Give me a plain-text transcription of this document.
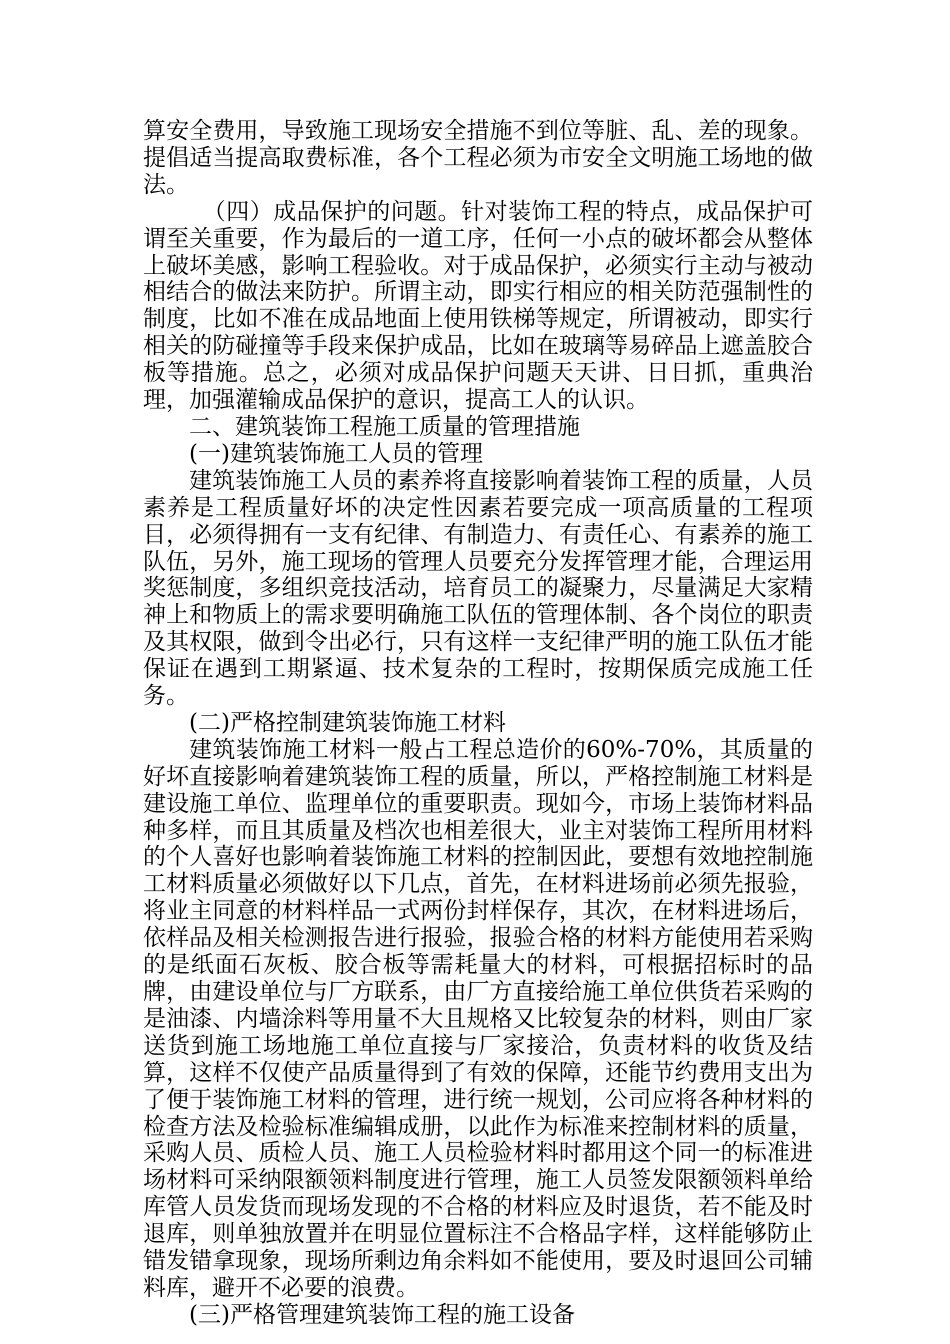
算安全费用，导致施工现场安全措施不到位等脏、乱、差的现象。提倡适当提高取费标准，各个工程必须为市安全文明施工场地的做法。

（四）成品保护的问题。针对装饰工程的特点，成品保护可谓至关重要，作为最后的一道工序，任何一小点的破坏都会从整体上破坏美感，影响工程验收。对于成品保护，必须实行主动与被动相结合的做法来防护。所谓主动，即实行相应的相关防范强制性的制度，比如不准在成品地面上使用铁梯等规定，所谓被动，即实行相关的防碰撞等手段来保护成品，比如在玻璃等易碎品上遮盖胶合板等措施。总之，必须对成品保护问题天天讲、日日抓，重典治理，加强灌输成品保护的意识，提高工人的认识。

二、建筑装饰工程施工质量的管理措施

(一)建筑装饰施工人员的管理

建筑装饰施工人员的素养将直接影响着装饰工程的质量，人员素养是工程质量好坏的决定性因素若要完成一项高质量的工程项目，必须得拥有一支有纪律、有制造力、有责任心、有素养的施工队伍，另外，施工现场的管理人员要充分发挥管理才能，合理运用奖惩制度，多组织竞技活动，培育员工的凝聚力，尽量满足大家精神上和物质上的需求要明确施工队伍的管理体制、各个岗位的职责及其权限，做到令出必行，只有这样一支纪律严明的施工队伍才能保证在遇到工期紧逼、技术复杂的工程时，按期保质完成施工任务。

(二)严格控制建筑装饰施工材料

建筑装饰施工材料一般占工程总造价的60%-70%，其质量的好坏直接影响着建筑装饰工程的质量，所以，严格控制施工材料是建设施工单位、监理单位的重要职责。现如今，市场上装饰材料品种多样，而且其质量及档次也相差很大，业主对装饰工程所用材料的个人喜好也影响着装饰施工材料的控制因此，要想有效地控制施工材料质量必须做好以下几点，首先，在材料进场前必须先报验，将业主同意的材料样品一式两份封样保存，其次，在材料进场后，依样品及相关检测报告进行报验，报验合格的材料方能使用若采购的是纸面石灰板、胶合板等需耗量大的材料，可根据招标时的品牌，由建设单位与厂方联系，由厂方直接给施工单位供货若采购的是油漆、内墙涂料等用量不大且规格又比较复杂的材料，则由厂家送货到施工场地施工单位直接与厂家接洽，负责材料的收货及结算，这样不仅使产品质量得到了有效的保障，还能节约费用支出为了便于装饰施工材料的管理，进行统一规划，公司应将各种材料的检查方法及检验标准编辑成册，以此作为标准来控制材料的质量，采购人员、质检人员、施工人员检验材料时都用这个同一的标准进场材料可采纳限额领料制度进行管理，施工人员签发限额领料单给库管人员发货而现场发现的不合格的材料应及时退货，若不能及时退库，则单独放置并在明显位置标注不合格品字样，这样能够防止错发错拿现象，现场所剩边角余料如不能使用，要及时退回公司辅料库，避开不必要的浪费。

(三)严格管理建筑装饰工程的施工设备
